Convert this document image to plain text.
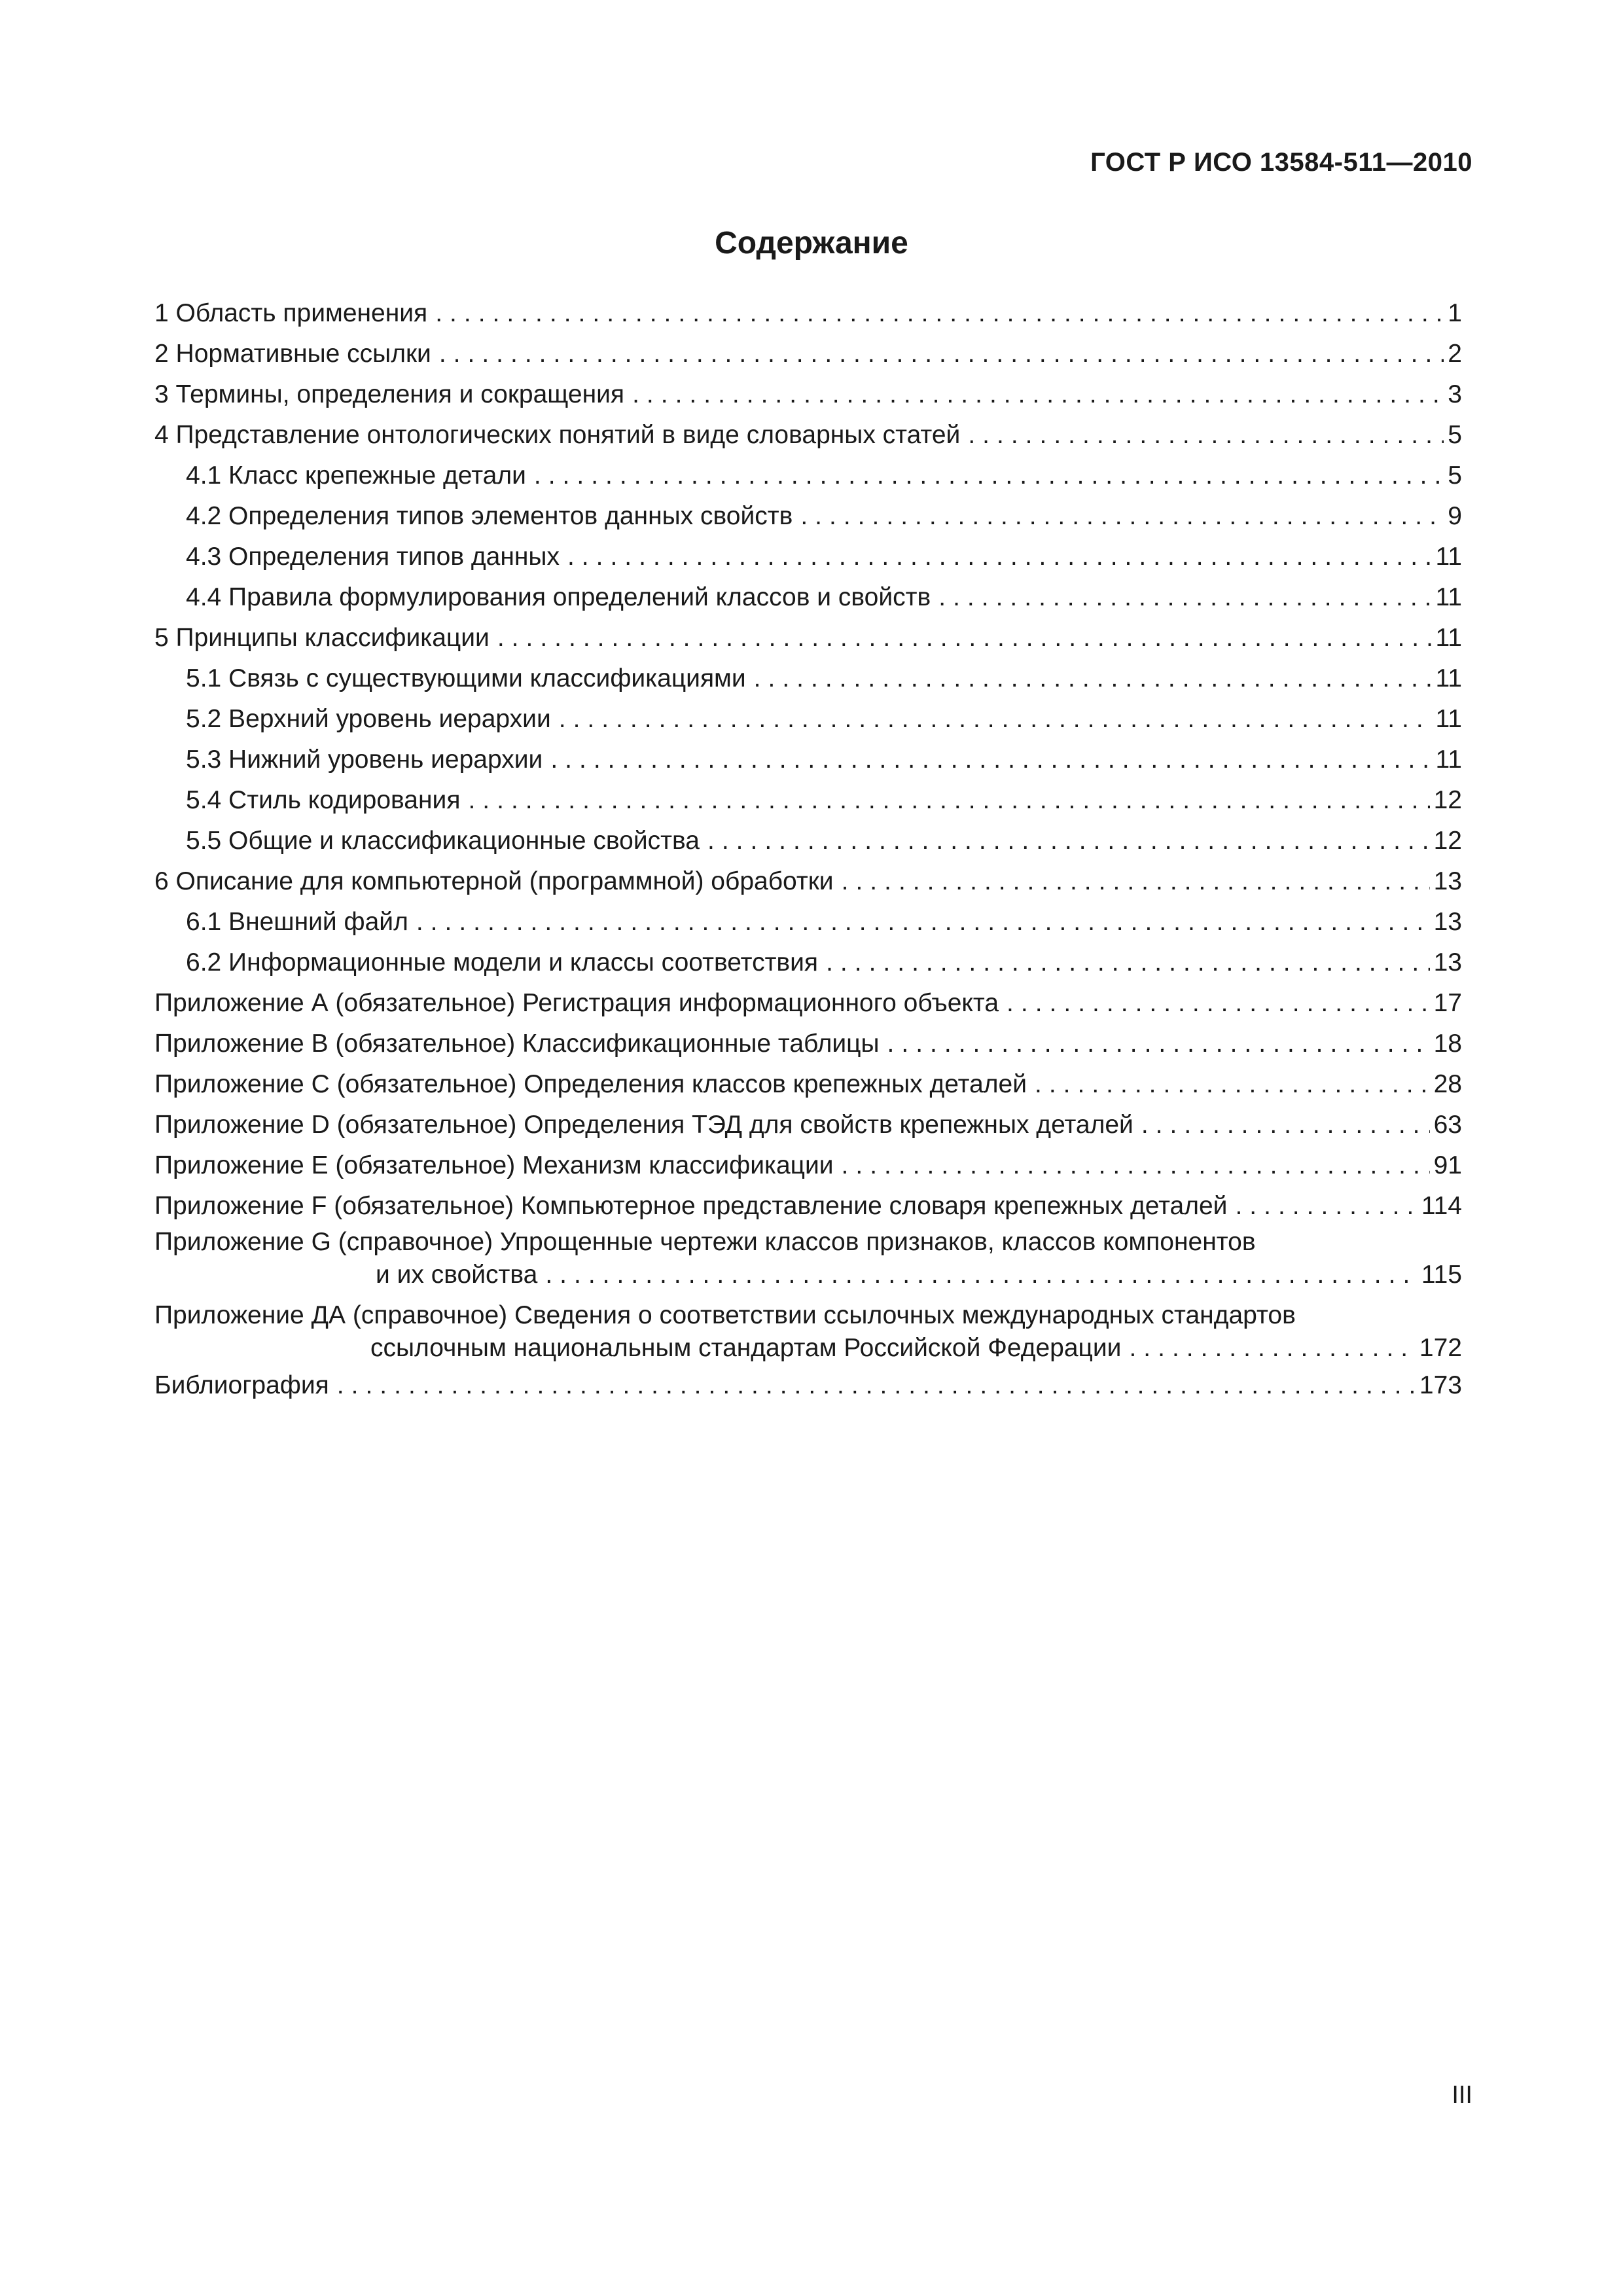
ГОСТ Р ИСО 13584-511—2010
Содержание
1 Область применения .....	1
2 Нормативные ссылки .....	2
3 Термины, определения и сокращения .....	3
4 Представление онтологических понятий в виде словарных статей .....	5
4.1 Класс крепежные детали .....	5
4.2 Определения типов элементов данных свойств .....	9
4.3 Определения типов данных .....	11
4.4 Правила формулирования определений классов и свойств .....	11
5 Принципы классификации .....	11
5.1 Связь с существующими классификациями .....	11
5.2 Верхний уровень иерархии .....	11
5.3 Нижний уровень иерархии .....	11
5.4 Стиль кодирования .....	12
5.5 Общие и классификационные свойства .....	12
6 Описание для компьютерной (программной) обработки .....	13
6.1 Внешний файл .....	13
6.2 Информационные модели и классы соответствия .....	13
Приложение А (обязательное) Регистрация информационного объекта .....	17
Приложение В (обязательное) Классификационные таблицы .....	18
Приложение С (обязательное) Определения классов крепежных деталей .....	28
Приложение D (обязательное) Определения ТЭД для свойств крепежных деталей .....	63
Приложение Е (обязательное) Механизм классификации .....	91
Приложение F (обязательное) Компьютерное представление словаря крепежных деталей .....	114
Приложение G (справочное) Упрощенные чертежи классов признаков, классов компонентов
и их свойства .....	115
Приложение ДА (справочное) Сведения о соответствии ссылочных международных стандартов
ссылочным национальным стандартам Российской Федерации .....	172
Библиография .....	173
III
